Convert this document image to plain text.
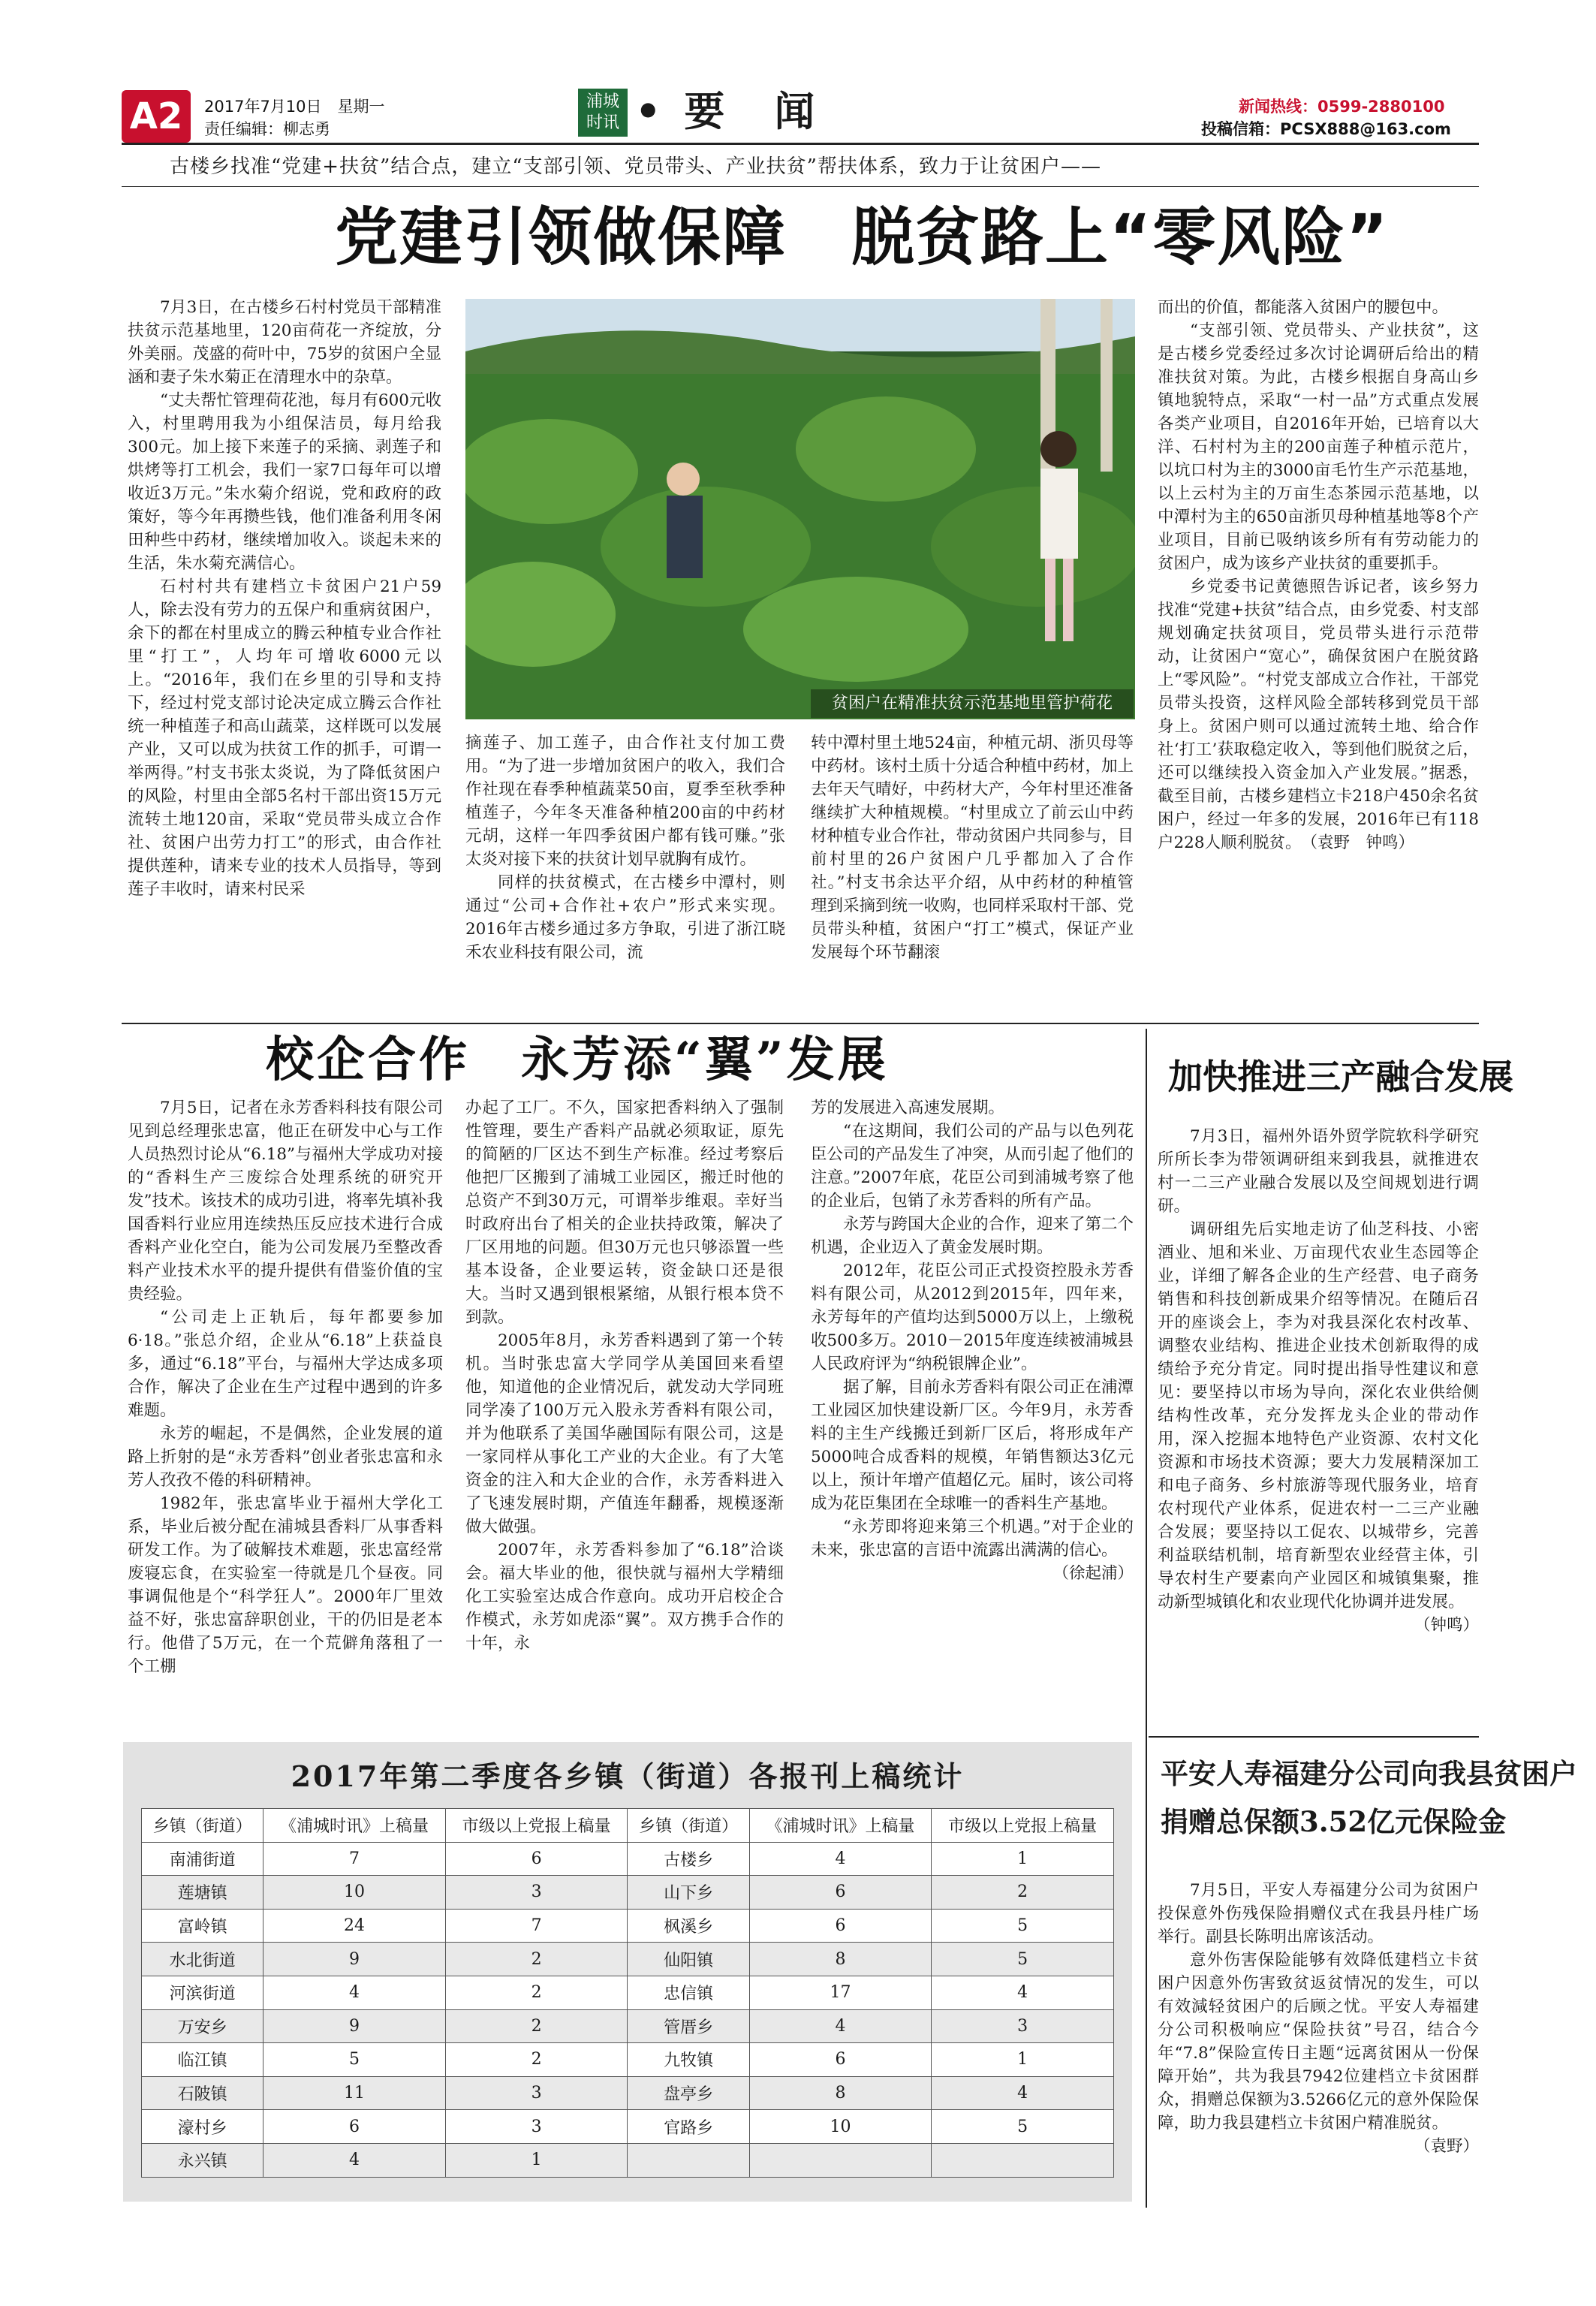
A2	2017年7月10日　 星期一
责任编辑：柳志勇
浦城
时讯 • 要　闻	新闻热线：0599-2880100
投稿信箱：PCSX888@163.com
古楼乡找准“党建+扶贫”结合点，建立“支部引领、党员带头、产业扶贫”帮扶体系，致力于让贫困户——
党建引领做保障　脱贫路上“零风险”

7月3日，在古楼乡石村村党员干部精准扶贫示范基地里，120亩荷花一齐绽放，分外美丽。茂盛的荷叶中，75岁的贫困户全显涵和妻子朱水菊正在清理水中的杂草。

“丈夫帮忙管理荷花池，每月有600元收入，村里聘用我为小组保洁员，每月给我300元。加上接下来莲子的采摘、剥莲子和烘烤等打工机会，我们一家7口每年可以增收近3万元。”朱水菊介绍说，党和政府的政策好，等今年再攒些钱，他们准备利用冬闲田种些中药材，继续增加收入。谈起未来的生活，朱水菊充满信心。

石村村共有建档立卡贫困户21户59人，除去没有劳力的五保户和重病贫困户，余下的都在村里成立的腾云种植专业合作社里“打工”，人均年可增收6000元以上。“2016年，我们在乡里的引导和支持下，经过村党支部讨论决定成立腾云合作社统一种植莲子和高山蔬菜，这样既可以发展产业，又可以成为扶贫工作的抓手，可谓一举两得。”村支书张太炎说，为了降低贫困户的风险，村里由全部5名村干部出资15万元流转土地120亩，采取“党员带头成立合作社、贫困户出劳力打工”的形式，由合作社提供莲种，请来专业的技术人员指导，等到莲子丰收时，请来村民采

贫困户在精准扶贫示范基地里管护荷花

摘莲子、加工莲子，由合作社支付加工费用。“为了进一步增加贫困户的收入，我们合作社现在春季种植蔬菜50亩，夏季至秋季种植莲子，今年冬天准备种植200亩的中药材元胡，这样一年四季贫困户都有钱可赚。”张太炎对接下来的扶贫计划早就胸有成竹。

同样的扶贫模式，在古楼乡中潭村，则通过“公司+合作社+农户”形式来实现。2016年古楼乡通过多方争取，引进了浙江晓禾农业科技有限公司，流

转中潭村里土地524亩，种植元胡、浙贝母等中药材。该村土质十分适合种植中药材，加上去年天气晴好，中药材大产，今年村里还准备继续扩大种植规模。“村里成立了前云山中药材种植专业合作社，带动贫困户共同参与，目前村里的26户贫困户几乎都加入了合作社。”村支书余达平介绍，从中药材的种植管理到采摘到统一收购，也同样采取村干部、党员带头种植，贫困户“打工”模式，保证产业发展每个环节翻滚

而出的价值，都能落入贫困户的腰包中。

“支部引领、党员带头、产业扶贫”，这是古楼乡党委经过多次讨论调研后给出的精准扶贫对策。为此，古楼乡根据自身高山乡镇地貌特点，采取“一村一品”方式重点发展各类产业项目，自2016年开始，已培育以大洋、石村村为主的200亩莲子种植示范片，以坑口村为主的3000亩毛竹生产示范基地，以上云村为主的万亩生态茶园示范基地，以中潭村为主的650亩浙贝母种植基地等8个产业项目，目前已吸纳该乡所有有劳动能力的贫困户，成为该乡产业扶贫的重要抓手。

乡党委书记黄德照告诉记者，该乡努力找准“党建+扶贫”结合点，由乡党委、村支部规划确定扶贫项目，党员带头进行示范带动，让贫困户“宽心”，确保贫困户在脱贫路上“零风险”。“村党支部成立合作社，干部党员带头投资，这样风险全部转移到党员干部身上。贫困户则可以通过流转土地、给合作社‘打工’获取稳定收入，等到他们脱贫之后，还可以继续投入资金加入产业发展。”据悉，截至目前，古楼乡建档立卡218户450余名贫困户，经过一年多的发展，2016年已有118户228人顺利脱贫。　（袁野　钟鸣）

校企合作　永芳添“翼”发展

7月5日，记者在永芳香料科技有限公司见到总经理张忠富，他正在研发中心与工作人员热烈讨论从“6.18”与福州大学成功对接的“香料生产三废综合处理系统的研究开发”技术。该技术的成功引进，将率先填补我国香料行业应用连续热压反应技术进行合成香料产业化空白，能为公司发展乃至整改香料产业技术水平的提升提供有借鉴价值的宝贵经验。

“公司走上正轨后，每年都要参加6·18。”张总介绍，企业从“6.18”上获益良多，通过“6.18”平台，与福州大学达成多项合作，解决了企业在生产过程中遇到的许多难题。

永芳的崛起，不是偶然，企业发展的道路上折射的是“永芳香料”创业者张忠富和永芳人孜孜不倦的科研精神。

1982年，张忠富毕业于福州大学化工系，毕业后被分配在浦城县香料厂从事香料研发工作。为了破解技术难题，张忠富经常废寝忘食，在实验室一待就是几个昼夜。同事调侃他是个“科学狂人”。2000年厂里效益不好，张忠富辞职创业，干的仍旧是老本行。他借了5万元，在一个荒僻角落租了一个工棚

办起了工厂。不久，国家把香料纳入了强制性管理，要生产香料产品就必须取证，原先的简陋的厂区达不到生产标准。经过考察后他把厂区搬到了浦城工业园区，搬迁时他的总资产不到30万元，可谓举步维艰。幸好当时政府出台了相关的企业扶持政策，解决了厂区用地的问题。但30万元也只够添置一些基本设备，企业要运转，资金缺口还是很大。当时又遇到银根紧缩，从银行根本贷不到款。

2005年8月，永芳香料遇到了第一个转机。当时张忠富大学同学从美国回来看望他，知道他的企业情况后，就发动大学同班同学凑了100万元入股永芳香料有限公司，并为他联系了美国华融国际有限公司，这是一家同样从事化工产业的大企业。有了大笔资金的注入和大企业的合作，永芳香料进入了飞速发展时期，产值连年翻番，规模逐渐做大做强。

2007年，永芳香料参加了“6.18”洽谈会。福大毕业的他，很快就与福州大学精细化工实验室达成合作意向。成功开启校企合作模式，永芳如虎添“翼”。双方携手合作的十年，永

芳的发展进入高速发展期。

“在这期间，我们公司的产品与以色列花臣公司的产品发生了冲突，从而引起了他们的注意。”2007年底，花臣公司到浦城考察了他的企业后，包销了永芳香料的所有产品。

永芳与跨国大企业的合作，迎来了第二个机遇，企业迈入了黄金发展时期。

2012年，花臣公司正式投资控股永芳香料有限公司，从2012到2015年，四年来，永芳每年的产值均达到5000万以上，上缴税收500多万。2010－2015年度连续被浦城县人民政府评为“纳税银牌企业”。

据了解，目前永芳香料有限公司正在浦潭工业园区加快建设新厂区。今年9月，永芳香料的主生产线搬迁到新厂区后，将形成年产5000吨合成香料的规模，年销售额达3亿元以上，预计年增产值超亿元。届时，该公司将成为花臣集团在全球唯一的香料生产基地。

“永芳即将迎来第三个机遇。”对于企业的未来，张忠富的言语中流露出满满的信心。

（徐起浦）

加快推进三产融合发展

7月3日，福州外语外贸学院软科学研究所所长李为带领调研组来到我县，就推进农村一二三产业融合发展以及空间规划进行调研。

调研组先后实地走访了仙芝科技、小密酒业、旭和米业、万亩现代农业生态园等企业，详细了解各企业的生产经营、电子商务销售和科技创新成果介绍等情况。在随后召开的座谈会上，李为对我县深化农村改革、调整农业结构、推进企业技术创新取得的成绩给予充分肯定。同时提出指导性建议和意见：要坚持以市场为导向，深化农业供给侧结构性改革，充分发挥龙头企业的带动作用，深入挖掘本地特色产业资源、农村文化资源和市场技术资源；要大力发展精深加工和电子商务、乡村旅游等现代服务业，培育农村现代产业体系，促进农村一二三产业融合发展；要坚持以工促农、以城带乡，完善利益联结机制，培育新型农业经营主体，引导农村生产要素向产业园区和城镇集聚，推动新型城镇化和农业现代化协调并进发展。

（钟鸣）

2017年第二季度各乡镇（街道）各报刊上稿统计
乡镇（街道）	《浦城时讯》上稿量	市级以上党报上稿量	乡镇（街道）	《浦城时讯》上稿量	市级以上党报上稿量
南浦街道	7	6	古楼乡	4	1
莲塘镇	10	3	山下乡	6	2
富岭镇	24	7	枫溪乡	6	5
水北街道	9	2	仙阳镇	8	5
河滨街道	4	2	忠信镇	17	4
万安乡	9	2	管厝乡	4	3
临江镇	5	2	九牧镇	6	1
石陂镇	11	3	盘亭乡	8	4
濠村乡	6	3	官路乡	10	5
永兴镇	4	1			
平安人寿福建分公司向我县贫困户
捐赠总保额3.52亿元保险金

7月5日，平安人寿福建分公司为贫困户投保意外伤残保险捐赠仪式在我县丹桂广场举行。副县长陈明出席该活动。

意外伤害保险能够有效降低建档立卡贫困户因意外伤害致贫返贫情况的发生，可以有效減轻贫困户的后顾之忧。平安人寿福建分公司积极响应“保险扶贫”号召，结合今年“7.8”保险宣传日主题“远离贫困从一份保障开始”，共为我县7942位建档立卡贫困群众，捐赠总保额为3.5266亿元的意外保险保障，助力我县建档立卡贫困户精准脱贫。

（袁野）
